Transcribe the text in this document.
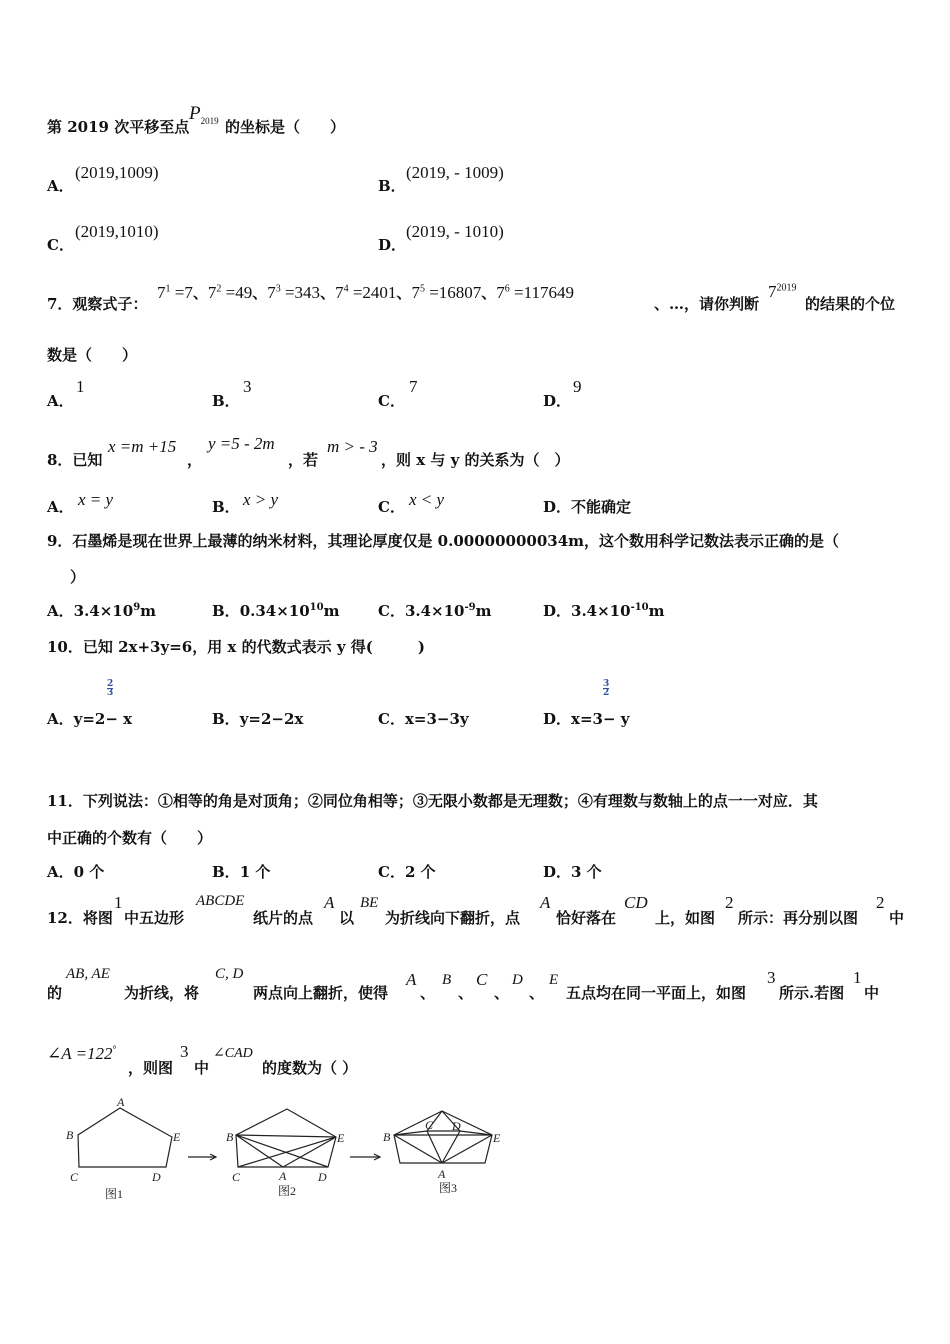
第 2019 次平移至点
$P_{2019}$ 的坐标是（　　）
A．
(2019,1009)
B．
(2019, - 1009)
C．
(2019,1010)
D．
(2019, - 1010)
7．观察式子：
$7^1 =7$、$7^2 =49$、$7^3 =343$、$7^4 =2401$、$7^5 =16807$、$7^6 =117649$
、…，请你判断
$7^{2019}$
的结果的个位
数是（　　）
A．
1
B．
3
C．
7
D．
9
8．已知
x =m +15
，
y =5 - 2m
，若
m > - 3
，则 x 与 y 的关系为（　）
A． x = y	B． x > y	C． x < y	D．不能确定
9．石墨烯是现在世界上最薄的纳米材料，其理论厚度仅是 0.00000000034m，这个数用科学记数法表示正确的是（
）
A．$3.4\times 10^9m$	B．$0.34\times 10^{10}m$	C．$3.4\times 10^{-9}m$	D．$3.4\times 10^{-10}m$
10．已知 2x+3y=6，用 x 的代数式表示 y 得(　　　)
A．y=2− x
$\frac{2}{3}$
B．y=2−2x	C．x=3−3y	D．x=3− y
$\frac{3}{2}$
11．下列说法：①相等的角是对顶角；②同位角相等；③无限小数都是无理数；④有理数与数轴上的点一一对应．其
中正确的个数有（　　）
A．0 个	B．1 个	C．2 个	D．3 个
12．将图
1
中五边形
ABCDE
纸片的点
A
以
BE
为折线向下翻折，点
A
恰好落在
CD
上，如图
2
所示：再分别以图
2
中
的
AB, AE
为折线，将
C, D
两点向上翻折，使得
A
、
B
、
C
、
D
、
E
五点均在同一平面上，如图
3
所示.若图
1
中
∠A =122°
，则图
3
中
∠CAD
的度数为（ ）
A
B	E
C	D
B	E
C	A	D
B
C D
E
A
图1	图2	图3
